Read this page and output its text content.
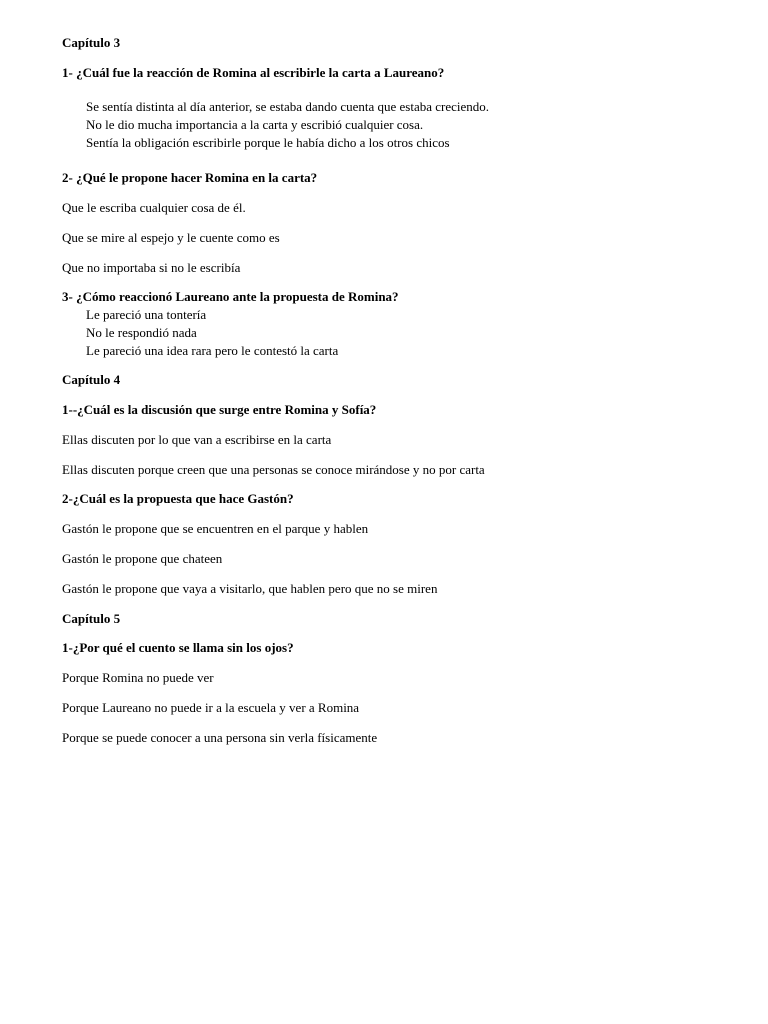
Capítulo 3
1- ¿Cuál fue la reacción de Romina al escribirle la carta a Laureano?
Se sentía distinta al día anterior, se estaba dando cuenta que estaba creciendo.
No le dio mucha importancia a la carta y escribió cualquier cosa.
Sentía la obligación escribirle porque le había dicho a los otros chicos
2- ¿Qué le propone hacer Romina en la carta?
Que le escriba cualquier cosa de él.
Que se mire al espejo y le cuente como es
Que no importaba si no le escribía
3- ¿Cómo reaccionó Laureano ante la propuesta de Romina?
Le pareció una tontería
No le respondió nada
Le pareció una idea rara pero le contestó la carta
Capítulo 4
1--¿Cuál es la discusión que surge entre Romina y Sofía?
Ellas discuten por lo que van a escribirse en la carta
Ellas discuten porque creen que una personas se conoce mirándose y no por carta
2-¿Cuál es la propuesta que hace Gastón?
Gastón le propone que se encuentren en el parque y hablen
Gastón le propone que chateen
Gastón le propone que vaya a visitarlo, que hablen pero que no se miren
Capítulo 5
1-¿Por qué el cuento se llama sin los ojos?
Porque Romina no puede ver
Porque Laureano no puede ir a la escuela y ver a Romina
Porque se puede conocer a una persona sin verla físicamente
